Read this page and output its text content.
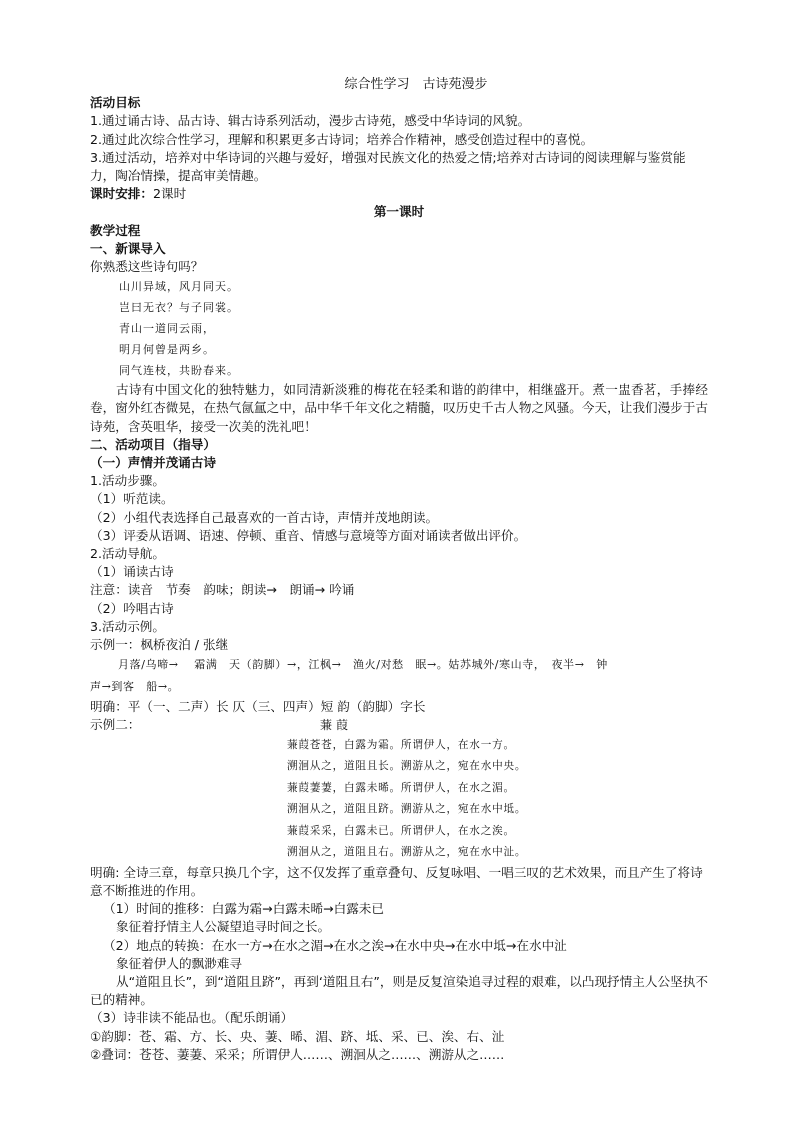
综合性学习　古诗苑漫步
活动目标
1.通过诵古诗、品古诗、辑古诗系列活动，漫步古诗苑，感受中华诗词的风貌。
2.通过此次综合性学习，理解和积累更多古诗词；培养合作精神，感受创造过程中的喜悦。
3.通过活动，培养对中华诗词的兴趣与爱好，增强对民族文化的热爱之情;培养对古诗词的阅读理解与鉴赏能力，陶冶情操，提高审美情趣。
课时安排：2课时
第一课时
教学过程
一、新课导入
你熟悉这些诗句吗？
山川异域，风月同天。
岂曰无衣？与子同裳。
青山一道同云雨，
明月何曾是两乡。
同气连枝，共盼春来。
古诗有中国文化的独特魅力，如同清新淡雅的梅花在轻柔和谐的韵律中，相继盛开。煮一盅香茗，手捧经卷，窗外红杏微晃，在热气氤氲之中，品中华千年文化之精髓，叹历史千古人物之风骚。今天，让我们漫步于古诗苑，含英咀华，接受一次美的洗礼吧！
二、活动项目（指导）
（一）声情并茂诵古诗
1.活动步骤。
（1）听范读。
（2）小组代表选择自己最喜欢的一首古诗，声情并茂地朗读。
（3）评委从语调、语速、停顿、重音、情感与意境等方面对诵读者做出评价。
2.活动导航。
（1）诵读古诗
注意：读音　节奏　韵味；朗读→　朗诵→ 吟诵
（2）吟唱古诗
3.活动示例。
示例一：枫桥夜泊 / 张继
月落/乌啼→　 霜满　天（韵脚）→，江枫→　渔火/对愁　眠→。姑苏城外/寒山寺，　夜半→　钟
声→到客　船→。
明确：平（一、二声）长 仄（三、四声）短 韵（韵脚）字长
示例二：	蒹葭
蒹葭苍苍，白露为霜。所谓伊人，在水一方。
溯洄从之，道阻且长。溯游从之，宛在水中央。
蒹葭萋萋，白露未晞。所谓伊人，在水之湄。
溯洄从之，道阻且跻。溯游从之，宛在水中坻。
蒹葭采采，白露未已。所谓伊人，在水之涘。
溯洄从之，道阻且右。溯游从之，宛在水中沚。
明确: 全诗三章，每章只换几个字，这不仅发挥了重章叠句、反复咏唱、一唱三叹的艺术效果，而且产生了将诗意不断推进的作用。
（1）时间的推移：白露为霜→白露未晞→白露未已
象征着抒情主人公凝望追寻时间之长。
（2）地点的转换：在水一方→在水之湄→在水之涘→在水中央→在水中坻→在水中沚
象征着伊人的飘渺难寻
从“道阻且长”，到“道阻且跻”，再到‘道阻且右”，则是反复渲染追寻过程的艰难，以凸现抒情主人公坚执不已的精神。
（3）诗非读不能品也。（配乐朗诵）
①韵脚：苍、霜、方、长、央、萋、晞、湄、跻、坻、采、已、涘、右、沚
②叠词：苍苍、萋萋、采采；所谓伊人……、溯洄从之……、溯游从之……
